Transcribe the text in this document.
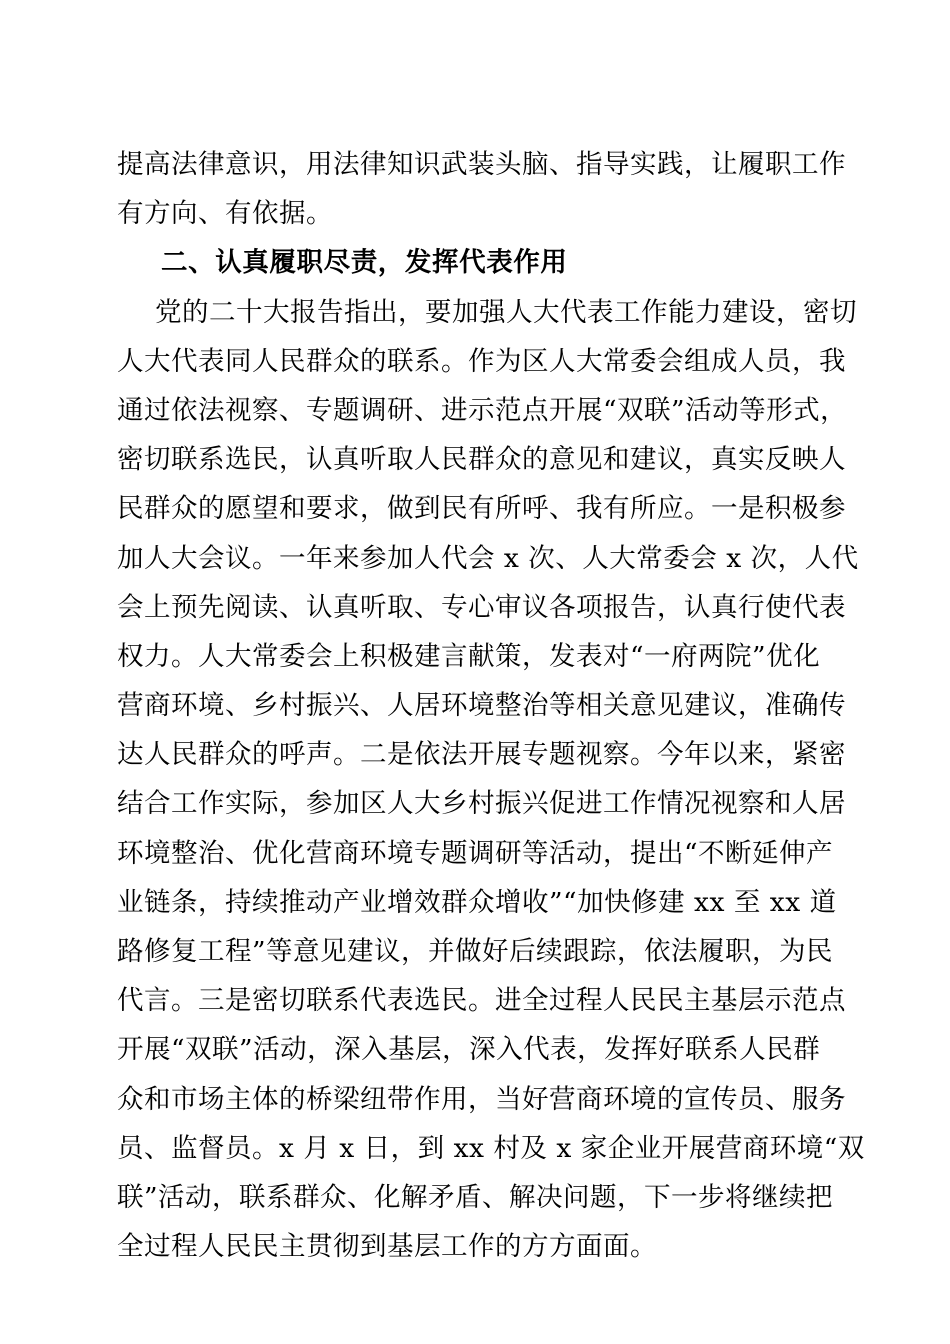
提高法律意识，用法律知识武装头脑、指导实践，让履职工作
有方向、有依据。
二、认真履职尽责，发挥代表作用
党的二十大报告指出，要加强人大代表工作能力建设，密切
人大代表同人民群众的联系。作为区人大常委会组成人员，我
通过依法视察、专题调研、进示范点开展“双联”活动等形式，
密切联系选民，认真听取人民群众的意见和建议，真实反映人
民群众的愿望和要求，做到民有所呼、我有所应。一是积极参
加人大会议。一年来参加人代会 x 次、人大常委会 x 次，人代
会上预先阅读、认真听取、专心审议各项报告，认真行使代表
权力。人大常委会上积极建言献策，发表对“一府两院”优化
营商环境、乡村振兴、人居环境整治等相关意见建议，准确传
达人民群众的呼声。二是依法开展专题视察。今年以来，紧密
结合工作实际，参加区人大乡村振兴促进工作情况视察和人居
环境整治、优化营商环境专题调研等活动，提出“不断延伸产
业链条，持续推动产业增效群众增收”“加快修建 xx 至 xx 道
路修复工程”等意见建议，并做好后续跟踪，依法履职，为民
代言。三是密切联系代表选民。进全过程人民民主基层示范点
开展“双联”活动，深入基层，深入代表，发挥好联系人民群
众和市场主体的桥梁纽带作用，当好营商环境的宣传员、服务
员、监督员。x 月 x 日，到 xx 村及 x 家企业开展营商环境“双
联”活动，联系群众、化解矛盾、解决问题，下一步将继续把
全过程人民民主贯彻到基层工作的方方面面。
